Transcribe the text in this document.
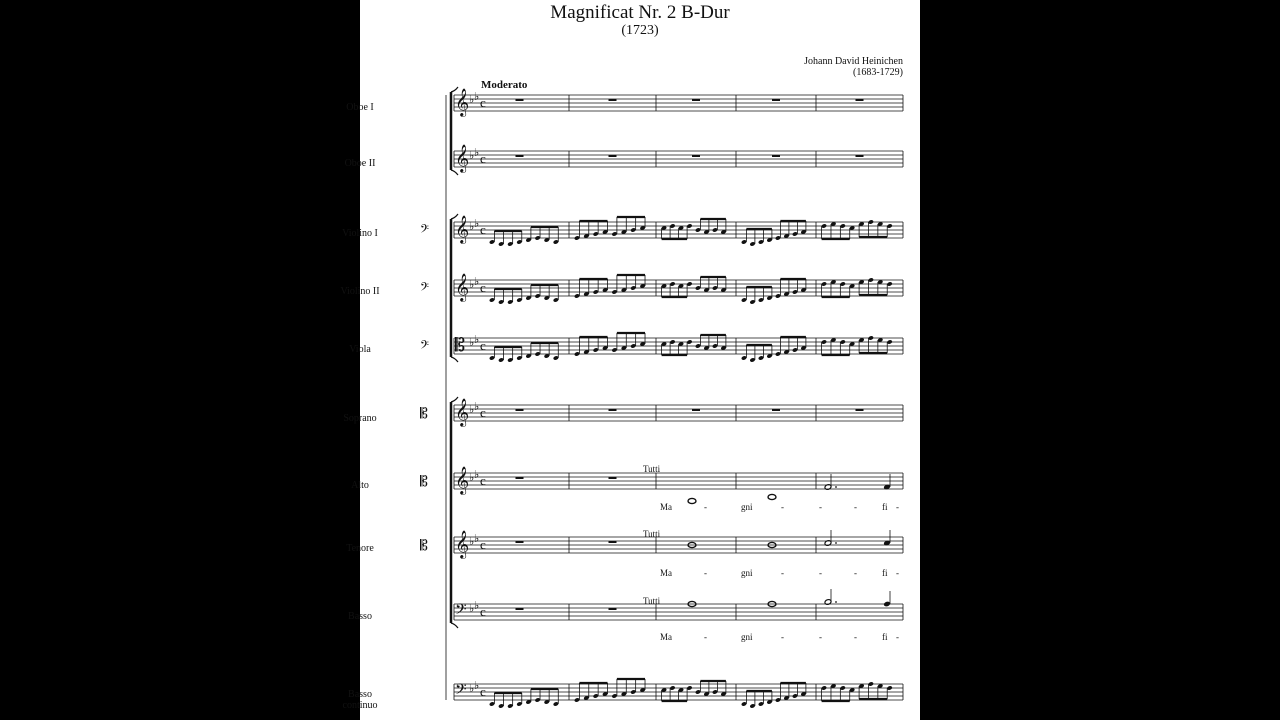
Magnificat Nr. 2 B-Dur
(1723)
Johann David Heinichen
(1683-1729)
Moderato
Oboe I
Oboe II
Violino I
Violino II
Viola
Soprano
Alto
Tenore
Basso
Basso
continuo
Tutti
Tutti
Tutti
Ma	-	gni	-	-	-	fi -
Ma	-	gni	-	-	-	fi -
Ma	-	gni	-	-	-	fi -
𝄞 ♭ ♭ c
𝄞 ♭ ♭ c
𝄞 ♭ ♭ c
𝄞 ♭ ♭ c
𝄡 ♭ ♭ c
𝄞 ♭ ♭ c
𝄞 ♭ ♭ c
𝄞 ♭ ♭ c
𝄢 ♭ ♭ c
𝄢 ♭ ♭ c
𝄢
𝄢
𝄢
𝄡
𝄡
𝄡
